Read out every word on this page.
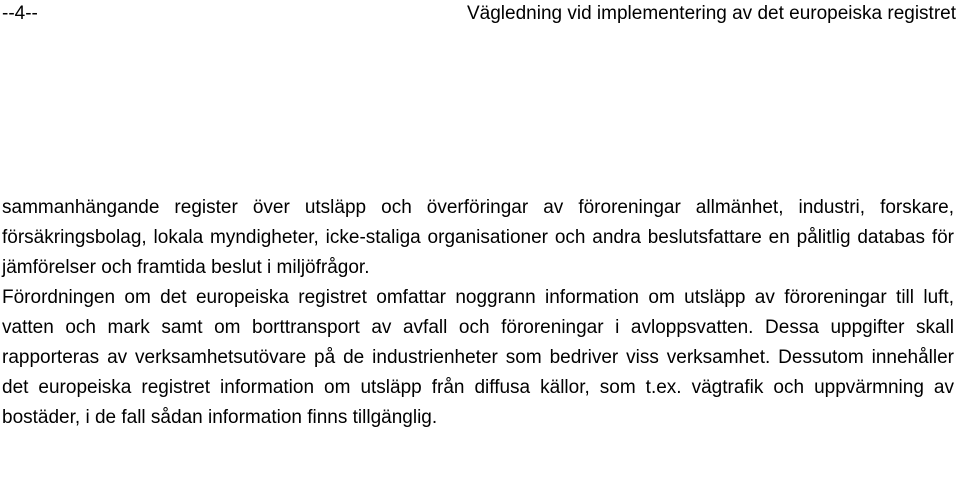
--4--	Vägledning vid implementering av det europeiska registret

sammanhängande register över utsläpp och överföringar av föroreningar allmänhet, industri, forskare, försäkringsbolag, lokala myndigheter, icke-staliga organisationer och andra beslutsfattare en pålitlig databas för jämförelser och framtida beslut i miljöfrågor.

Förordningen om det europeiska registret omfattar noggrann information om utsläpp av föroreningar till luft, vatten och mark samt om borttransport av avfall och föroreningar i avloppsvatten. Dessa uppgifter skall rapporteras av verksamhetsutövare på de industrienheter som bedriver viss verksamhet. Dessutom innehåller det europeiska registret information om utsläpp från diffusa källor, som t.ex. vägtrafik och uppvärmning av bostäder, i de fall sådan information finns tillgänglig.
